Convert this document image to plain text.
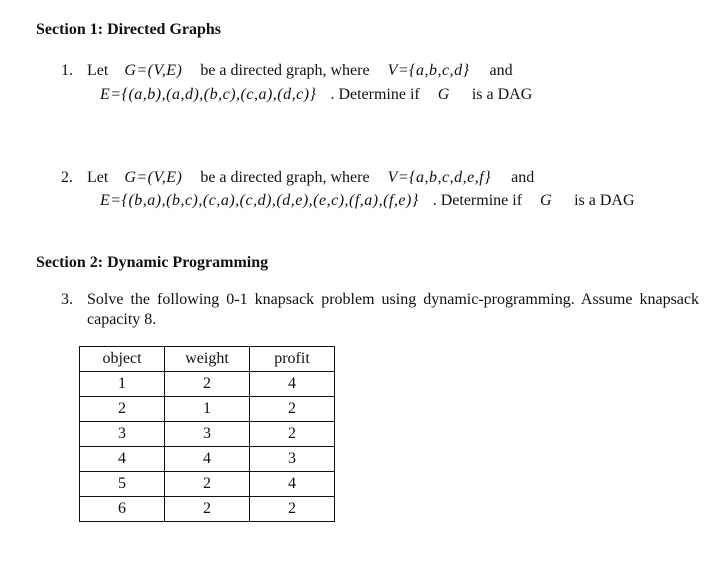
Section 1: Directed Graphs
1. Let G=(V,E) be a directed graph, where V={a,b,c,d} and
E={(a,b),(a,d),(b,c),(c,a),(d,c)} . Determine if G is a DAG
2. Let G=(V,E) be a directed graph, where V={a,b,c,d,e,f} and
E={(b,a),(b,c),(c,a),(c,d),(d,e),(e,c),(f,a),(f,e)} . Determine if G is a DAG
Section 2: Dynamic Programming
3. Solve the following 0-1 knapsack problem using dynamic-programming. Assume knapsack capacity 8.
object	weight	profit
1	2	4
2	1	2
3	3	2
4	4	3
5	2	4
6	2	2
